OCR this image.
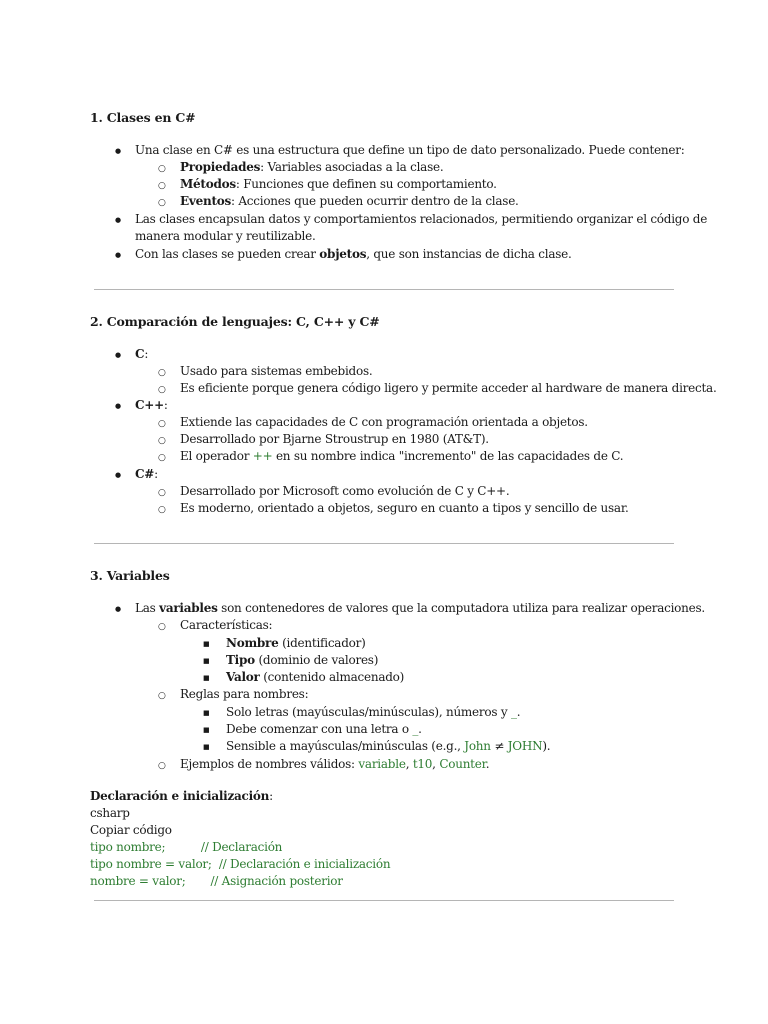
1. Clases en C#
●
Una clase en C# es una estructura que define un tipo de dato personalizado. Puede contener:
○
Propiedades: Variables asociadas a la clase.
○
Métodos: Funciones que definen su comportamiento.
○
Eventos: Acciones que pueden ocurrir dentro de la clase.
●
Las clases encapsulan datos y comportamientos relacionados, permitiendo organizar el código de
manera modular y reutilizable.
●
Con las clases se pueden crear objetos, que son instancias de dicha clase.
2. Comparación de lenguajes: C, C++ y C#
●
C:
○
Usado para sistemas embebidos.
○
Es eficiente porque genera código ligero y permite acceder al hardware de manera directa.
●
C++:
○
Extiende las capacidades de C con programación orientada a objetos.
○
Desarrollado por Bjarne Stroustrup en 1980 (AT&T).
○
El operador ++ en su nombre indica "incremento" de las capacidades de C.
●
C#:
○
Desarrollado por Microsoft como evolución de C y C++.
○
Es moderno, orientado a objetos, seguro en cuanto a tipos y sencillo de usar.
3. Variables
●
Las variables son contenedores de valores que la computadora utiliza para realizar operaciones.
○
Características:
■
Nombre (identificador)
■
Tipo (dominio de valores)
■
Valor (contenido almacenado)
○
Reglas para nombres:
■
Solo letras (mayúsculas/minúsculas), números y _.
■
Debe comenzar con una letra o _.
■
Sensible a mayúsculas/minúsculas (e.g., John ≠ JOHN).
○
Ejemplos de nombres válidos: variable, t10, Counter.
Declaración e inicialización:
csharp
Copiar código
tipo nombre;          // Declaración
tipo nombre = valor;  // Declaración e inicialización
nombre = valor;       // Asignación posterior
